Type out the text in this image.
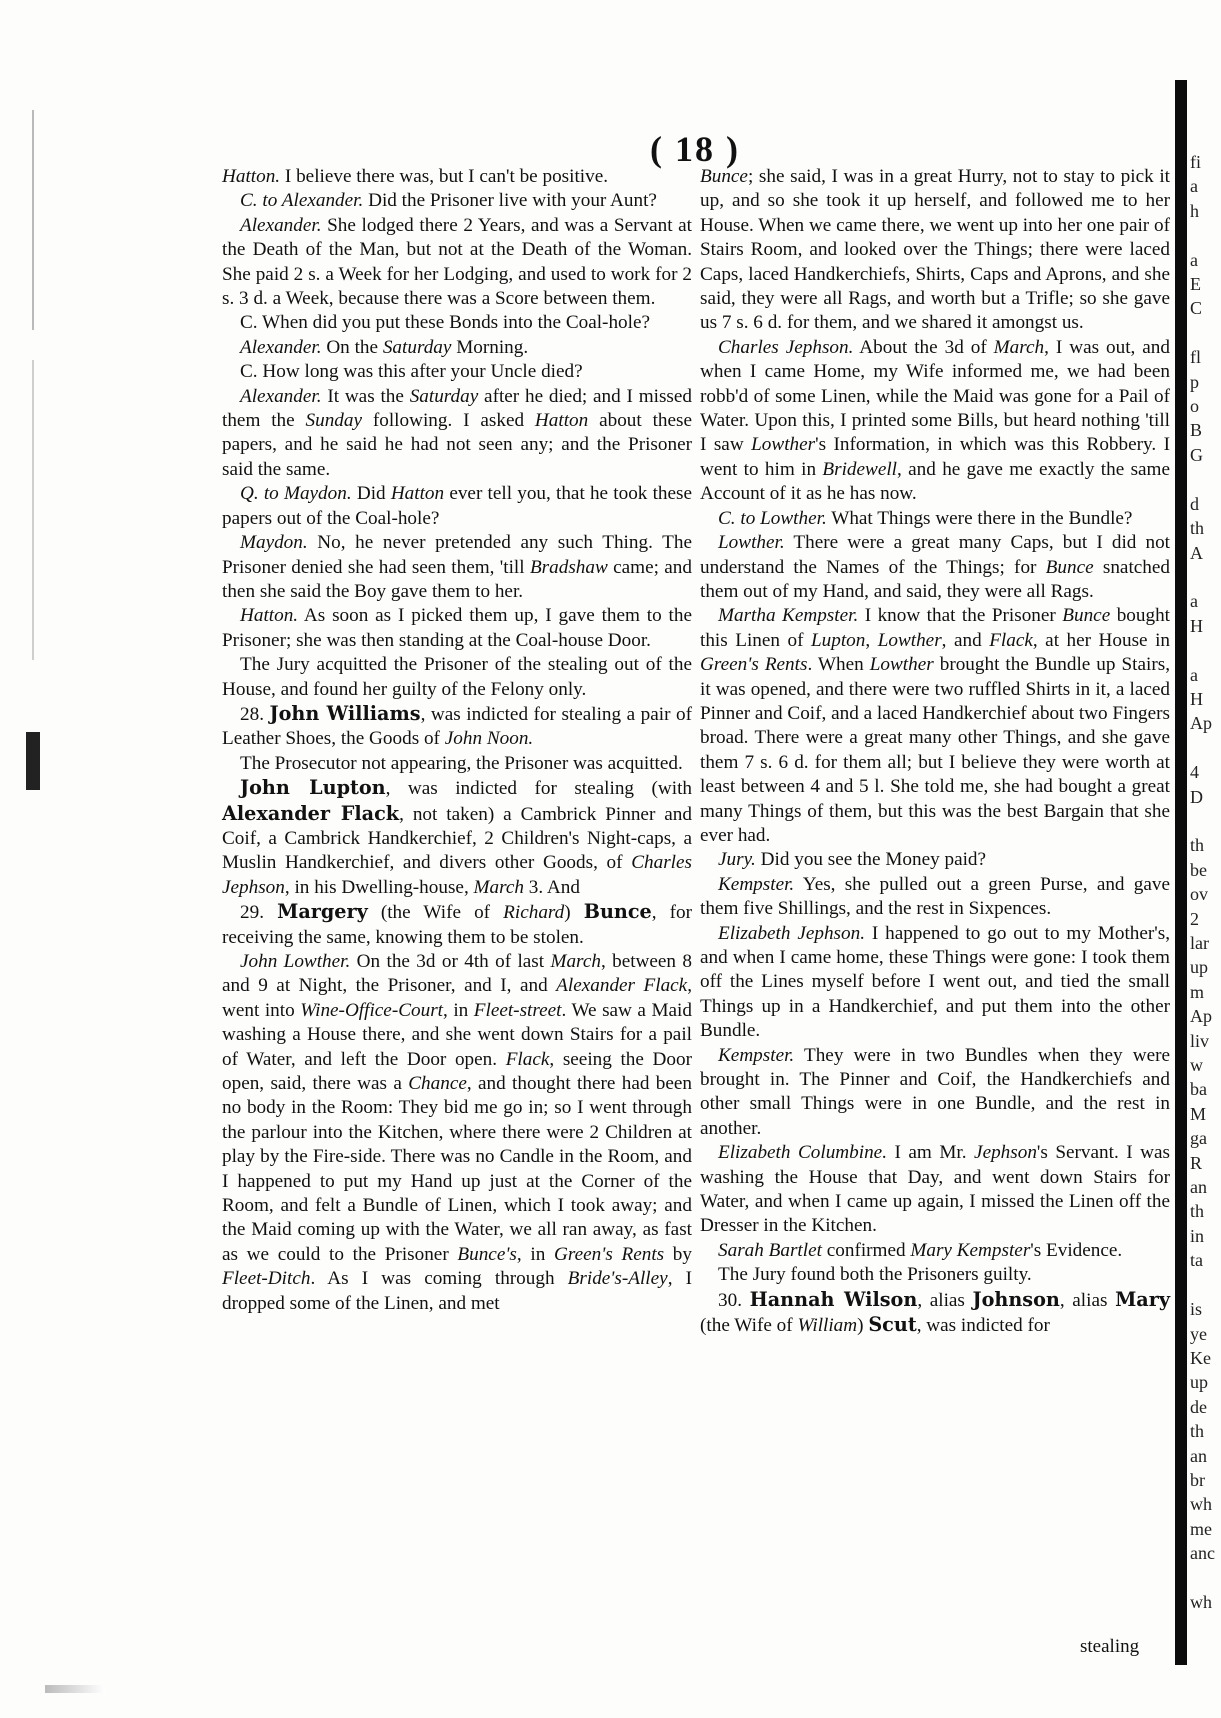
( 18 )

Hatton. I believe there was, but I can't be positive.

C. to Alexander. Did the Prisoner live with your Aunt?

Alexander. She lodged there 2 Years, and was a Servant at the Death of the Man, but not at the Death of the Woman. She paid 2 s. a Week for her Lodging, and used to work for 2 s. 3 d. a Week, because there was a Score between them.

C. When did you put these Bonds into the Coal-hole?

Alexander. On the Saturday Morning.

C. How long was this after your Uncle died?

Alexander. It was the Saturday after he died; and I missed them the Sunday following. I asked Hatton about these papers, and he said he had not seen any; and the Prisoner said the same.

Q. to Maydon. Did Hatton ever tell you, that he took these papers out of the Coal-hole?

Maydon. No, he never pretended any such Thing. The Prisoner denied she had seen them, 'till Bradshaw came; and then she said the Boy gave them to her.

Hatton. As soon as I picked them up, I gave them to the Prisoner; she was then standing at the Coal-house Door.

The Jury acquitted the Prisoner of the stealing out of the House, and found her guilty of the Felony only.

28. John Williams, was indicted for stealing a pair of Leather Shoes, the Goods of John Noon.

The Prosecutor not appearing, the Prisoner was acquitted.

John Lupton, was indicted for stealing (with Alexander Flack, not taken) a Cambrick Pinner and Coif, a Cambrick Handkerchief, 2 Children's Night-caps, a Muslin Handkerchief, and divers other Goods, of Charles Jephson, in his Dwelling-house, March 3. And

29. Margery (the Wife of Richard) Bunce, for receiving the same, knowing them to be stolen.

John Lowther. On the 3d or 4th of last March, between 8 and 9 at Night, the Prisoner, and I, and Alexander Flack, went into Wine-Office-Court, in Fleet-street. We saw a Maid washing a House there, and she went down Stairs for a pail of Water, and left the Door open. Flack, seeing the Door open, said, there was a Chance, and thought there had been no body in the Room: They bid me go in; so I went through the parlour into the Kitchen, where there were 2 Children at play by the Fire-side. There was no Candle in the Room, and I happened to put my Hand up just at the Corner of the Room, and felt a Bundle of Linen, which I took away; and the Maid coming up with the Water, we all ran away, as fast as we could to the Prisoner Bunce's, in Green's Rents by Fleet-Ditch. As I was coming through Bride's-Alley, I dropped some of the Linen, and met

Bunce; she said, I was in a great Hurry, not to stay to pick it up, and so she took it up herself, and followed me to her House. When we came there, we went up into her one pair of Stairs Room, and looked over the Things; there were laced Caps, laced Handkerchiefs, Shirts, Caps and Aprons, and she said, they were all Rags, and worth but a Trifle; so she gave us 7 s. 6 d. for them, and we shared it amongst us.

Charles Jephson. About the 3d of March, I was out, and when I came Home, my Wife informed me, we had been robb'd of some Linen, while the Maid was gone for a Pail of Water. Upon this, I printed some Bills, but heard nothing 'till I saw Lowther's Information, in which was this Robbery. I went to him in Bridewell, and he gave me exactly the same Account of it as he has now.

C. to Lowther. What Things were there in the Bundle?

Lowther. There were a great many Caps, but I did not understand the Names of the Things; for Bunce snatched them out of my Hand, and said, they were all Rags.

Martha Kempster. I know that the Prisoner Bunce bought this Linen of Lupton, Lowther, and Flack, at her House in Green's Rents. When Lowther brought the Bundle up Stairs, it was opened, and there were two ruffled Shirts in it, a laced Pinner and Coif, and a laced Handkerchief about two Fingers broad. There were a great many other Things, and she gave them 7 s. 6 d. for them all; but I believe they were worth at least between 4 and 5 l. She told me, she had bought a great many Things of them, but this was the best Bargain that she ever had.

Jury. Did you see the Money paid?

Kempster. Yes, she pulled out a green Purse, and gave them five Shillings, and the rest in Sixpences.

Elizabeth Jephson. I happened to go out to my Mother's, and when I came home, these Things were gone: I took them off the Lines myself before I went out, and tied the small Things up in a Handkerchief, and put them into the other Bundle.

Kempster. They were in two Bundles when they were brought in. The Pinner and Coif, the Handkerchiefs and other small Things were in one Bundle, and the rest in another.

Elizabeth Columbine. I am Mr. Jephson's Servant. I was washing the House that Day, and went down Stairs for Water, and when I came up again, I missed the Linen off the Dresser in the Kitchen.

Sarah Bartlet confirmed Mary Kempster's Evidence.

The Jury found both the Prisoners guilty.

30. Hannah Wilson, alias Johnson, alias Mary (the Wife of William) Scut, was indicted for

stealing
fi
a
h

a
E
C

fl
p
o
B
G

d
th
A

a
H

a
H
Ap

4
D

th
be
ov
2
lar
up
m
Ap
liv
w
ba
M
ga
R
an
th
in
ta

is
ye
Ke
up
de
th
an
br
wh
me
anc

wh
